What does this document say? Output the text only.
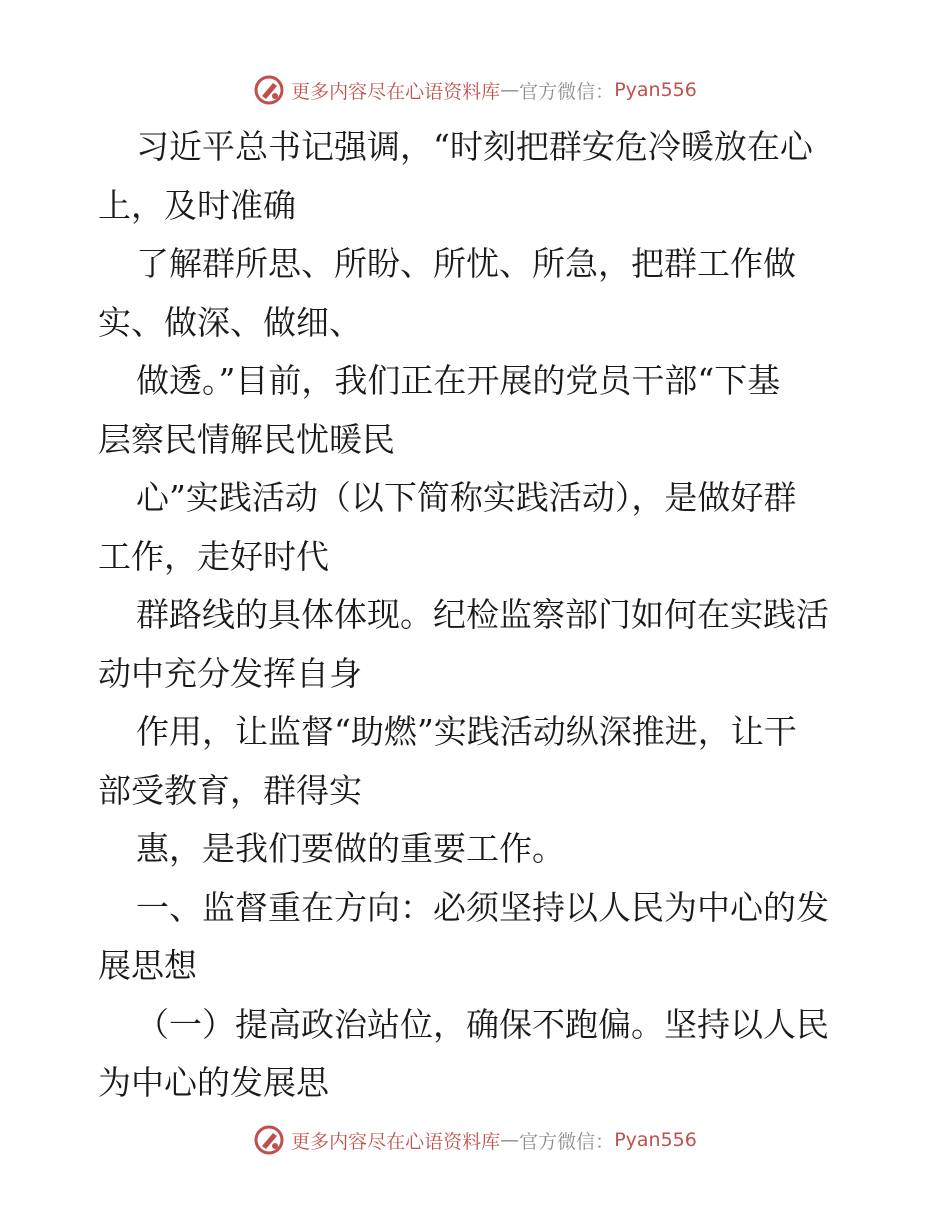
更多内容尽在心语资料库 — 官方微信： Pyan556
习近平总书记强调，“时刻把群安危冷暖放在心
上，及时准确
了解群所思、所盼、所忧、所急，把群工作做
实、做深、做细、
做透。”目前，我们正在开展的党员干部“下基
层察民情解民忧暖民
心”实践活动（以下简称实践活动），是做好群
工作，走好时代
群路线的具体体现。纪检监察部门如何在实践活
动中充分发挥自身
作用，让监督“助燃”实践活动纵深推进，让干
部受教育，群得实
惠，是我们要做的重要工作。
一、监督重在方向：必须坚持以人民为中心的发
展思想
（一）提高政治站位，确保不跑偏。坚持以人民
为中心的发展思
更多内容尽在心语资料库 — 官方微信： Pyan556
